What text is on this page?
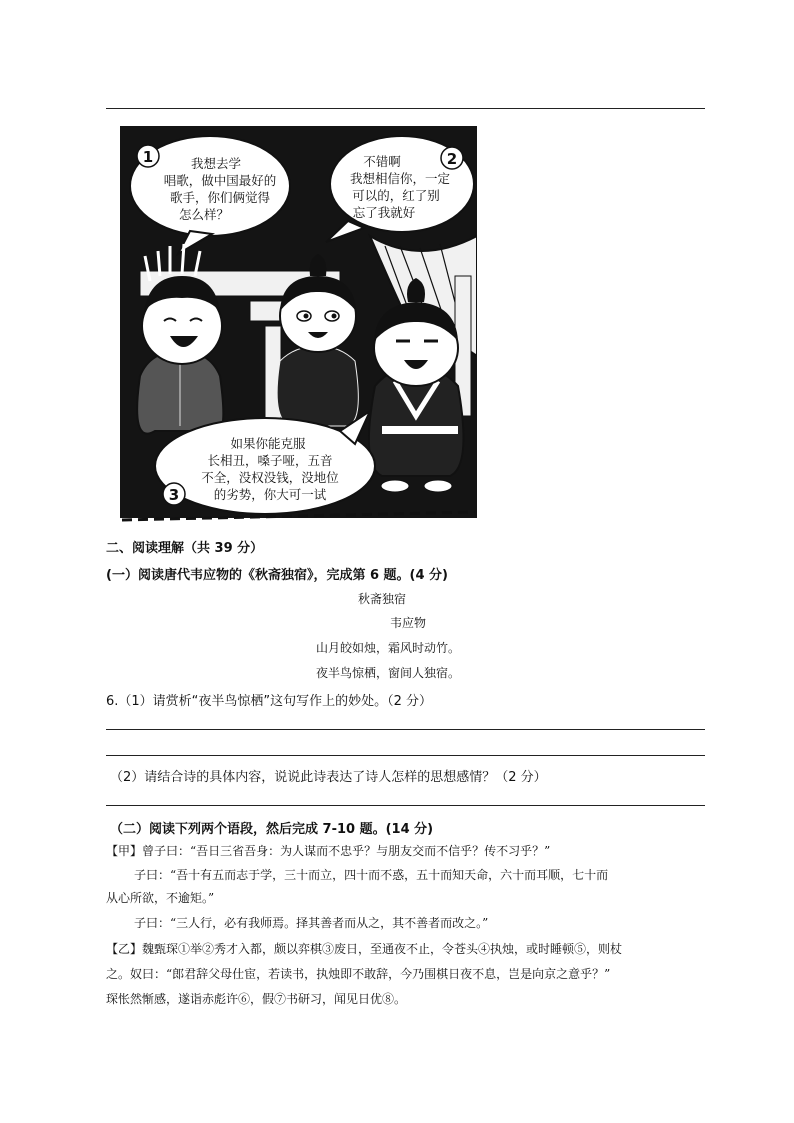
1	我想去学
唱歌，做中国最好的
歌手，你们俩觉得
怎么样？
2
不错啊
我想相信你，一定
可以的，红了别
忘了我就好
3
如果你能克服
长相丑，嗓子哑，五音
不全，没权没钱，没地位
的劣势，你大可一试
二、阅读理解（共 39 分）
(一）阅读唐代韦应物的《秋斋独宿》，完成第 6 题。(4 分)
秋斋独宿
韦应物
山月皎如烛，霜风时动竹。
夜半鸟惊栖，窗间人独宿。
6.（1）请赏析“夜半鸟惊栖”这句写作上的妙处。（2 分）
（2）请结合诗的具体内容，说说此诗表达了诗人怎样的思想感情？（2 分）
（二）阅读下列两个语段，然后完成 7-10 题。(14 分)
【甲】曾子曰：“吾日三省吾身：为人谋而不忠乎？与朋友交而不信乎？传不习乎？”
子曰：“吾十有五而志于学，三十而立，四十而不惑，五十而知天命，六十而耳顺，七十而
从心所欲，不逾矩。”
子曰：“三人行，必有我师焉。择其善者而从之，其不善者而改之。”
【乙】魏甄琛①举②秀才入都，颇以弈棋③废日，至通夜不止，令苍头④执烛，或时睡顿⑤，则杖
之。奴曰：“郎君辞父母仕宦，若读书，执烛即不敢辞，今乃围棋日夜不息，岂是向京之意乎？”
琛怅然惭感，遂诣赤彪许⑥，假⑦书研习，闻见日优⑧。
